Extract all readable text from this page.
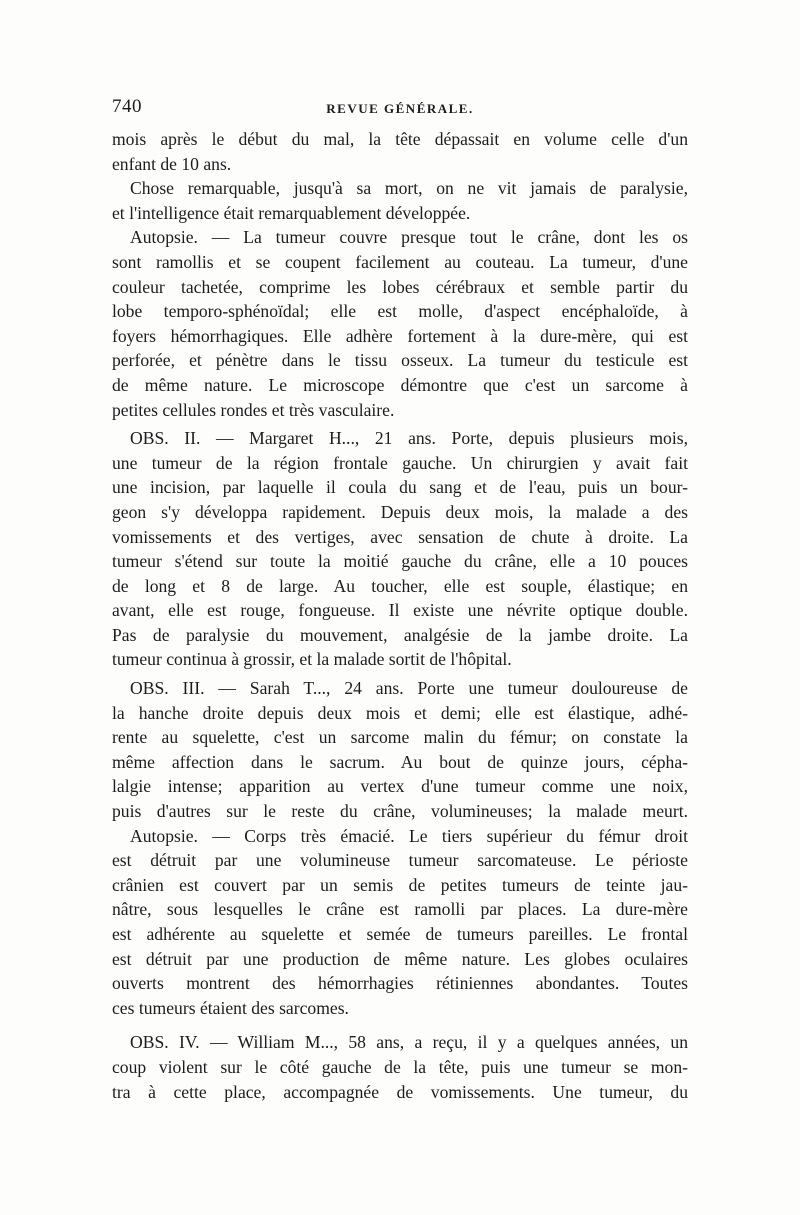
740	REVUE GÉNÉRALE.
mois après le début du mal, la tête dépassait en volume celle d'un
enfant de 10 ans.
Chose remarquable, jusqu'à sa mort, on ne vit jamais de paralysie,
et l'intelligence était remarquablement développée.
Autopsie. — La tumeur couvre presque tout le crâne, dont les os
sont ramollis et se coupent facilement au couteau. La tumeur, d'une
couleur tachetée, comprime les lobes cérébraux et semble partir du
lobe temporo-sphénoïdal; elle est molle, d'aspect encéphaloïde, à
foyers hémorrhagiques. Elle adhère fortement à la dure-mère, qui est
perforée, et pénètre dans le tissu osseux. La tumeur du testicule est
de même nature. Le microscope démontre que c'est un sarcome à
petites cellules rondes et très vasculaire.
OBS. II. — Margaret H..., 21 ans. Porte, depuis plusieurs mois,
une tumeur de la région frontale gauche. Un chirurgien y avait fait
une incision, par laquelle il coula du sang et de l'eau, puis un bour-
geon s'y développa rapidement. Depuis deux mois, la malade a des
vomissements et des vertiges, avec sensation de chute à droite. La
tumeur s'étend sur toute la moitié gauche du crâne, elle a 10 pouces
de long et 8 de large. Au toucher, elle est souple, élastique; en
avant, elle est rouge, fongueuse. Il existe une névrite optique double.
Pas de paralysie du mouvement, analgésie de la jambe droite. La
tumeur continua à grossir, et la malade sortit de l'hôpital.
OBS. III. — Sarah T..., 24 ans. Porte une tumeur douloureuse de
la hanche droite depuis deux mois et demi; elle est élastique, adhé-
rente au squelette, c'est un sarcome malin du fémur; on constate la
même affection dans le sacrum. Au bout de quinze jours, cépha-
lalgie intense; apparition au vertex d'une tumeur comme une noix,
puis d'autres sur le reste du crâne, volumineuses; la malade meurt.
Autopsie. — Corps très émacié. Le tiers supérieur du fémur droit
est détruit par une volumineuse tumeur sarcomateuse. Le périoste
crânien est couvert par un semis de petites tumeurs de teinte jau-
nâtre, sous lesquelles le crâne est ramolli par places. La dure-mère
est adhérente au squelette et semée de tumeurs pareilles. Le frontal
est détruit par une production de même nature. Les globes oculaires
ouverts montrent des hémorrhagies rétiniennes abondantes. Toutes
ces tumeurs étaient des sarcomes.
OBS. IV. — William M..., 58 ans, a reçu, il y a quelques années, un
coup violent sur le côté gauche de la tête, puis une tumeur se mon-
tra à cette place, accompagnée de vomissements. Une tumeur, du
